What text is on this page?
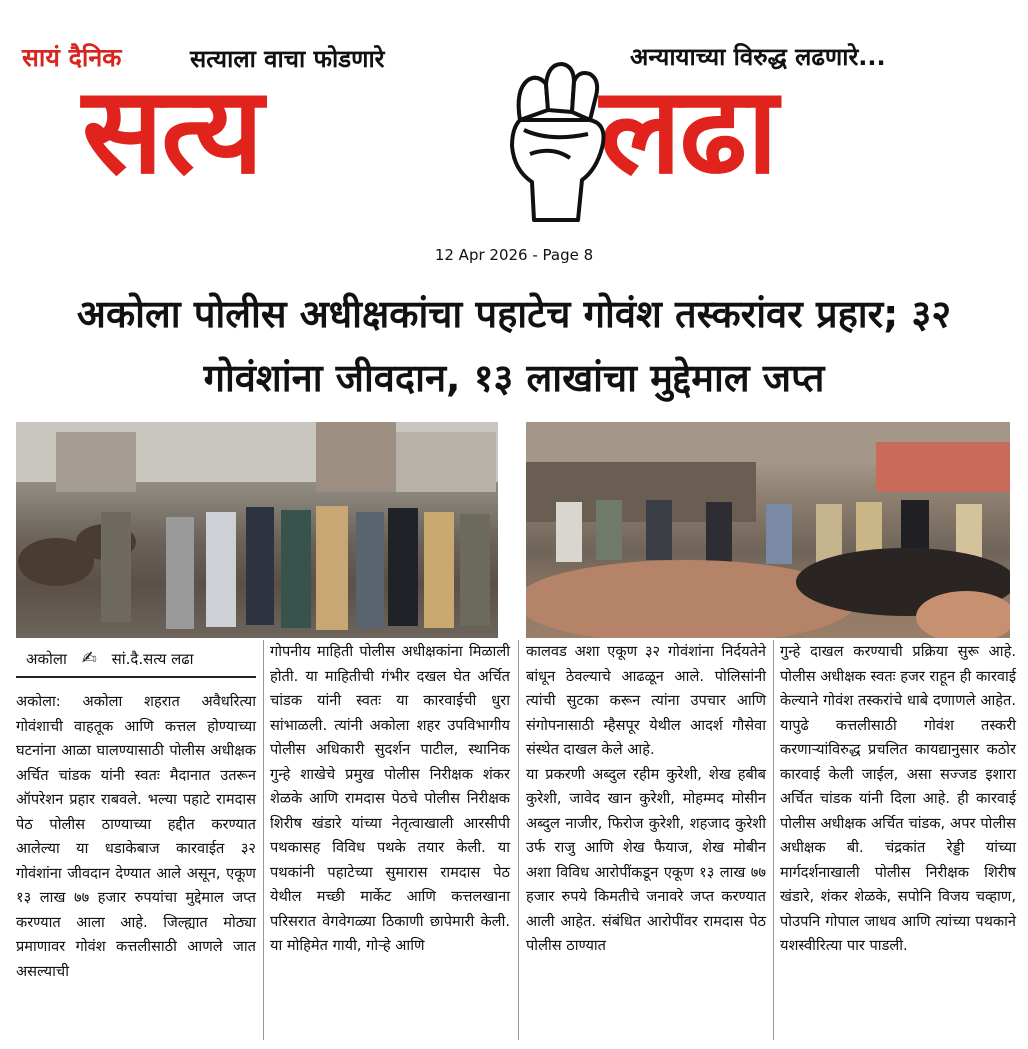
सायं दैनिक	सत्याला वाचा फोडणारे	अन्यायाच्या विरुद्ध लढणारे...
सत्य	लढा
12 Apr 2026 - Page 8
अकोला पोलीस अधीक्षकांचा पहाटेच गोवंश तस्करांवर प्रहार; ३२ गोवंशांना जीवदान, १३ लाखांचा मुद्देमाल जप्त
अकोला ✍ सां.दै.सत्य लढा
अकोला: अकोला शहरात अवैधरित्या गोवंशाची वाहतूक आणि कत्तल होण्याच्या घटनांना आळा घालण्यासाठी पोलीस अधीक्षक अर्चित चांडक यांनी स्वतः मैदानात उतरून ऑपरेशन प्रहार राबवले. भल्या पहाटे रामदास पेठ पोलीस ठाण्याच्या हद्दीत करण्यात आलेल्या या धडाकेबाज कारवाईत ३२ गोवंशांना जीवदान देण्यात आले असून, एकूण १३ लाख ७७ हजार रुपयांचा मुद्देमाल जप्त करण्यात आला आहे. जिल्ह्यात मोठ्या प्रमाणावर गोवंश कत्तलीसाठी आणले जात असल्याची
गोपनीय माहिती पोलीस अधीक्षकांना मिळाली होती. या माहितीची गंभीर दखल घेत अर्चित चांडक यांनी स्वतः या कारवाईची धुरा सांभाळली. त्यांनी अकोला शहर उपविभागीय पोलीस अधिकारी सुदर्शन पाटील, स्थानिक गुन्हे शाखेचे प्रमुख पोलीस निरीक्षक शंकर शेळके आणि रामदास पेठचे पोलीस निरीक्षक शिरीष खंडारे यांच्या नेतृत्वाखाली आरसीपी पथकासह विविध पथके तयार केली. या पथकांनी पहाटेच्या सुमारास रामदास पेठ येथील मच्छी मार्केट आणि कत्तलखाना परिसरात वेगवेगळ्या ठिकाणी छापेमारी केली. या मोहिमेत गायी, गोऱ्हे आणि
कालवड अशा एकूण ३२ गोवंशांना निर्दयतेने बांधून ठेवल्याचे आढळून आले. पोलिसांनी त्यांची सुटका करून त्यांना उपचार आणि संगोपनासाठी म्हैसपूर येथील आदर्श गौसेवा संस्थेत दाखल केले आहे.
या प्रकरणी अब्दुल रहीम कुरेशी, शेख हबीब कुरेशी, जावेद खान कुरेशी, मोहम्मद मोसीन अब्दुल नाजीर, फिरोज कुरेशी, शहजाद कुरेशी उर्फ राजु आणि शेख फैयाज, शेख मोबीन अशा विविध आरोपींकडून एकूण १३ लाख ७७ हजार रुपये किमतीचे जनावरे जप्त करण्यात आली आहेत. संबंधित आरोपींवर रामदास पेठ पोलीस ठाण्यात
गुन्हे दाखल करण्याची प्रक्रिया सुरू आहे. पोलीस अधीक्षक स्वतः हजर राहून ही कारवाई केल्याने गोवंश तस्करांचे धाबे दणाणले आहेत. यापुढे कत्तलीसाठी गोवंश तस्करी करणाऱ्यांविरुद्ध प्रचलित कायद्यानुसार कठोर कारवाई केली जाईल, असा सज्जड इशारा अर्चित चांडक यांनी दिला आहे. ही कारवाई पोलीस अधीक्षक अर्चित चांडक, अपर पोलीस अधीक्षक बी. चंद्रकांत रेड्डी यांच्या मार्गदर्शनाखाली पोलीस निरीक्षक शिरीष खंडारे, शंकर शेळके, सपोनि विजय चव्हाण, पोउपनि गोपाल जाधव आणि त्यांच्या पथकाने यशस्वीरित्या पार पाडली.
